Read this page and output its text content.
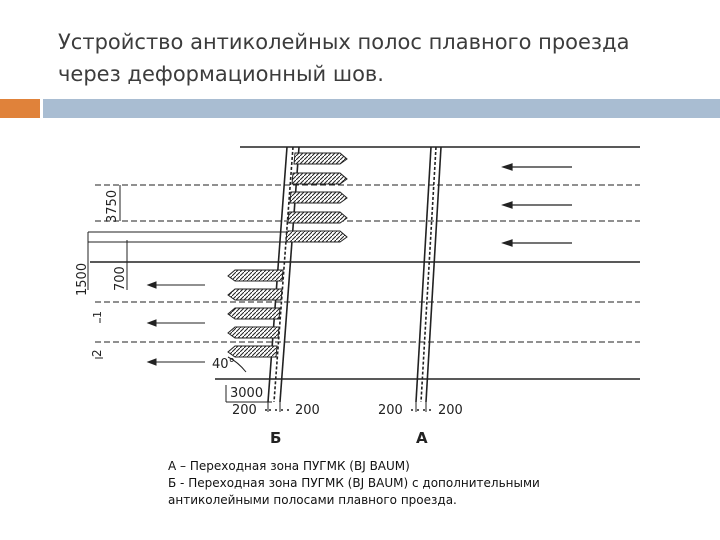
Устройство антиколейных полос плавного проезда
через деформационный шов.
3750
1500 700
1
2
40°
3000
200	200	200	200
Б	А
А – Переходная зона ПУГМК (BJ BAUM)
Б - Переходная зона ПУГМК (BJ BAUM) с дополнительными
антиколейными полосами плавного проезда.
